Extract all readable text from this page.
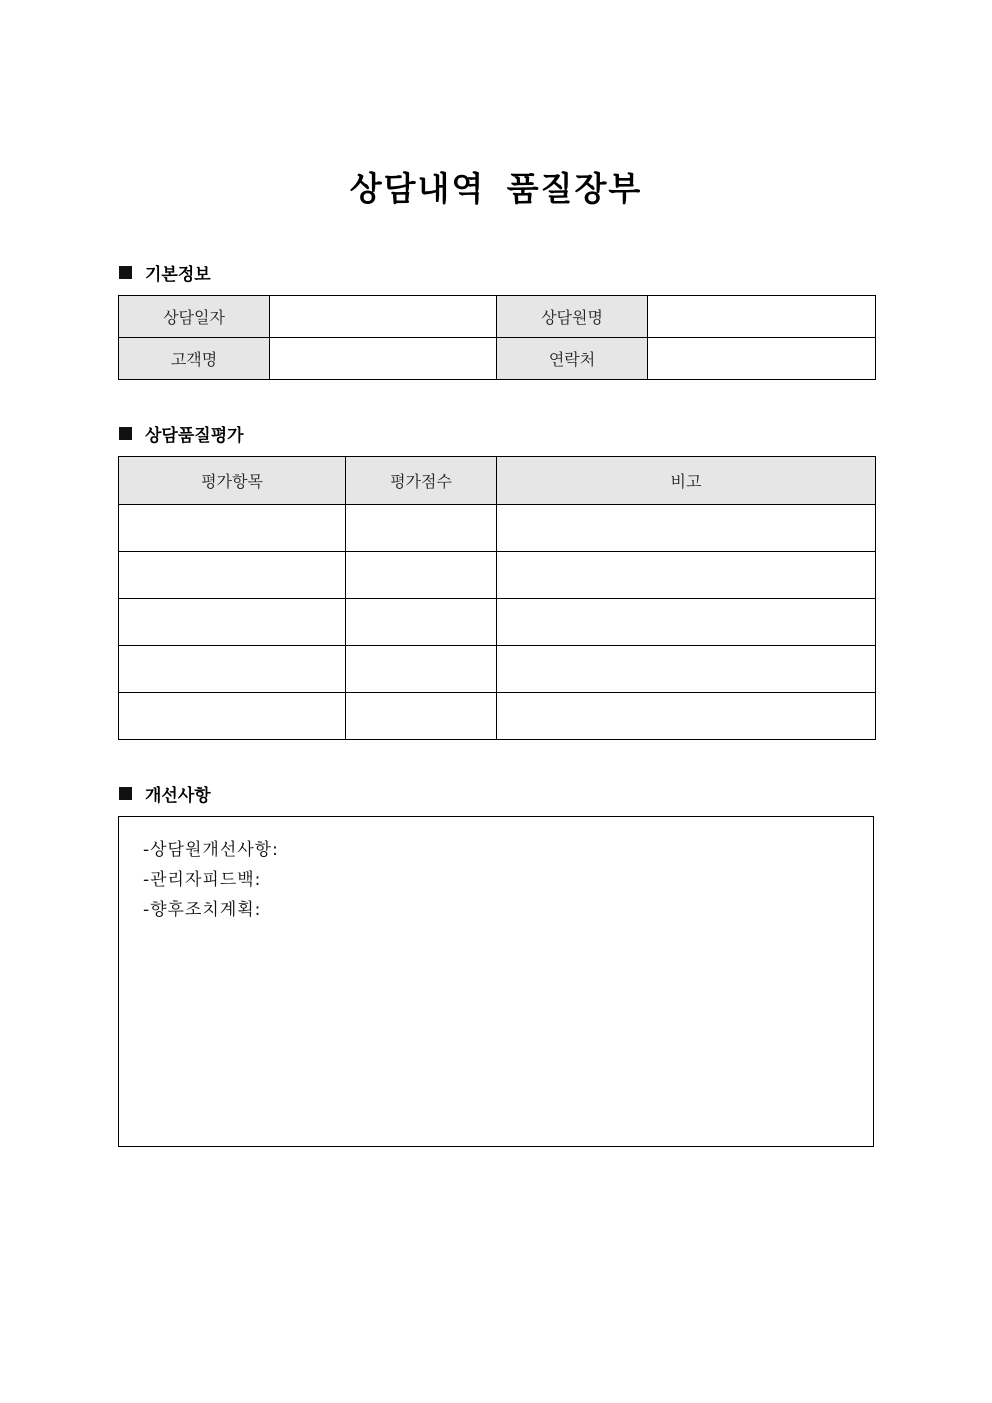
상담내역 품질장부
기본정보
상담일자		상담원명	
고객명		연락처	
상담품질평가
평가항목	평가점수	비고

개선사항
-상담원개선사항:
-관리자피드백:
-향후조치계획:
